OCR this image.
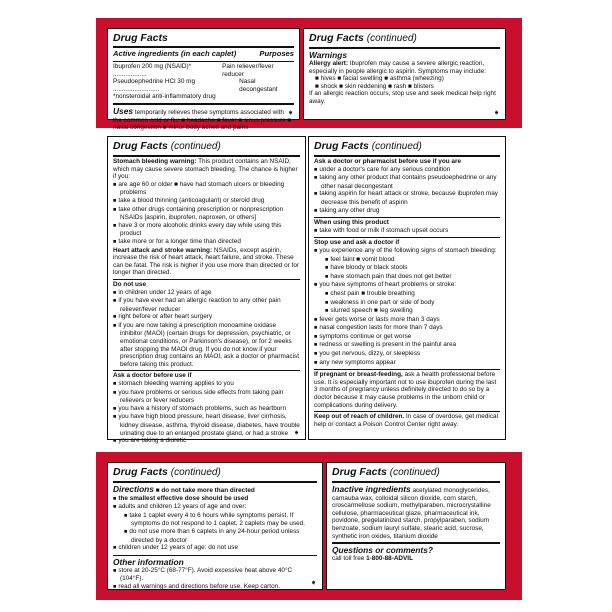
Drug Facts
Active ingredients (in each caplet)	Purposes
Ibuprofen 200 mg (NSAID)* ...................
Pain reliever/fever reducer
Pseudoephedrine HCl 30 mg ..........................
Nasal decongestant
*nonsteroidal anti-inflammatory drug
Uses temporarily relieves these symptoms associated with the common cold or flu: ■ headache ■ fever ■ sinus pressure ■ nasal congestion ■ minor body aches and pains
➧
Drug Facts (continued)
Warnings
Allergy alert: Ibuprofen may cause a severe allergic reaction, especially in people allergic to aspirin. Symptoms may include:
■ hives ■ facial swelling ■ asthma (wheezing)
■ shock ■ skin reddening ■ rash ■ blisters
If an allergic reaction occurs, stop use and seek medical help right away.
➧
Drug Facts (continued)
Stomach bleeding warning: This product contains an NSAID, which may cause severe stomach bleeding. The chance is higher if you:
■ are age 60 or older ■ have had stomach ulcers or bleeding problems
■ take a blood thinning (anticoagulant) or steroid drug
■ take other drugs containing prescription or nonprescription NSAIDs [aspirin, ibuprofen, naproxen, or others]
■ have 3 or more alcoholic drinks every day while using this product
■ take more or for a longer time than directed
Heart attack and stroke warning: NSAIDs, except aspirin, increase the risk of heart attack, heart failure, and stroke. These can be fatal. The risk is higher if you use more than directed or for longer than directed.
Do not use
■ in children under 12 years of age
■ if you have ever had an allergic reaction to any other pain reliever/fever reducer
■ right before or after heart surgery
■ if you are now taking a prescription monoamine oxidase inhibitor (MAOI) (certain drugs for depression, psychiatric, or emotional conditions, or Parkinson's disease), or for 2 weeks after stopping the MAOI drug. If you do not know if your prescription drug contains an MAOI, ask a doctor or pharmacist before taking this product.
Ask a doctor before use if
■ stomach bleeding warning applies to you
■ you have problems or serious side effects from taking pain relievers or fever reducers
■ you have a history of stomach problems, such as heartburn
■ you have high blood pressure, heart disease, liver cirrhosis, kidney disease, asthma, thyroid disease, diabetes, have trouble urinating due to an enlarged prostate gland, or had a stroke
■ you are taking a diuretic
➧
Drug Facts (continued)
Ask a doctor or pharmacist before use if you are
■ under a doctor's care for any serious condition
■ taking any other product that contains pseudoephedrine or any other nasal decongestant
■ taking aspirin for heart attack or stroke, because ibuprofen may decrease this benefit of aspirin
■ taking any other drug
When using this product
■ take with food or milk if stomach upset occurs
Stop use and ask a doctor if
■ you experience any of the following signs of stomach bleeding:
■ feel faint ■ vomit blood
■ have bloody or black stools
■ have stomach pain that does not get better
■ you have symptoms of heart problems or stroke:
■ chest pain ■ trouble breathing
■ weakness in one part or side of body
■ slurred speech ■ leg swelling
■ fever gets worse or lasts more than 3 days
■ nasal congestion lasts for more than 7 days
■ symptoms continue or get worse
■ redness or swelling is present in the painful area
■ you get nervous, dizzy, or sleepless
■ any new symptoms appear
If pregnant or breast-feeding, ask a health professional before use. It is especially important not to use ibuprofen during the last 3 months of pregnancy unless definitely directed to do so by a doctor because it may cause problems in the unborn child or complications during delivery.
Keep out of reach of children. In case of overdose, get medical help or contact a Poison Control Center right away.
Drug Facts (continued)
Directions ■ do not take more than directed
■ the smallest effective dose should be used
■ adults and children 12 years of age and over:
■ take 1 caplet every 4 to 6 hours while symptoms persist. If symptoms do not respond to 1 caplet, 2 caplets may be used.
■ do not use more than 6 caplets in any 24-hour period unless directed by a doctor
■ children under 12 years of age: do not use
Other information
■ store at 20-25°C (68-77°F). Avoid excessive heat above 40°C (104°F).
■ read all warnings and directions before use. Keep carton.	➧
Drug Facts (continued)
Inactive ingredients acetylated monoglycerides, carnauba wax, colloidal silicon dioxide, corn starch, croscarmellose sodium, methylparaben, microcrystalline cellulose, pharmaceutical glaze, pharmaceutical ink, povidone, pregelatinized starch, propylparaben, sodium benzoate, sodium lauryl sulfate, stearic acid, sucrose, synthetic iron oxides, titanium dioxide
Questions or comments?
call toll free 1-800-88-ADVIL
